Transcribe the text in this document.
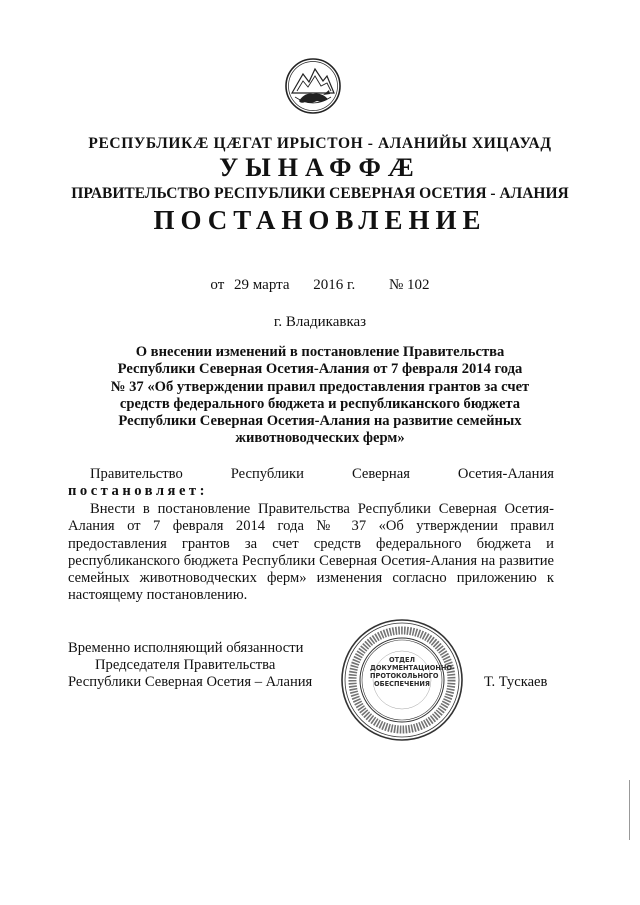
РЕСПУБЛИКӔ ЦӔГАТ ИРЫСТОН - АЛАНИЙЫ ХИЦАУАД
УЫНАФФӔ
ПРАВИТЕЛЬСТВО РЕСПУБЛИКИ СЕВЕРНАЯ ОСЕТИЯ - АЛАНИЯ
ПОСТАНОВЛЕНИЕ
от 29 марта 2016 г. № 102
г. Владикавказ
О внесении изменений в постановление Правительства
Республики Северная Осетия-Алания от 7 февраля 2014 года
№ 37 «Об утверждении правил предоставления грантов за счет
средств федерального бюджета и республиканского бюджета
Республики Северная Осетия-Алания на развитие семейных
животноводческих ферм»
Правительство	Республики	Северная	Осетия-Алания
постановляет:
Внести в постановление Правительства Республики Северная Осетия-Алания от 7 февраля 2014 года № 37 «Об утверждении правил предоставления грантов за счет средств федерального бюджета и республиканского бюджета Республики Северная Осетия-Алания на развитие семейных животноводческих ферм» изменения согласно приложению к настоящему постановлению.
Временно исполняющий обязанности
Председателя Правительства
Республики Северная Осетия – Алания	Т. Тускаев
ОТДЕЛ
ДОКУМЕНТАЦИОННО-
ПРОТОКОЛЬНОГО
ОБЕСПЕЧЕНИЯ
